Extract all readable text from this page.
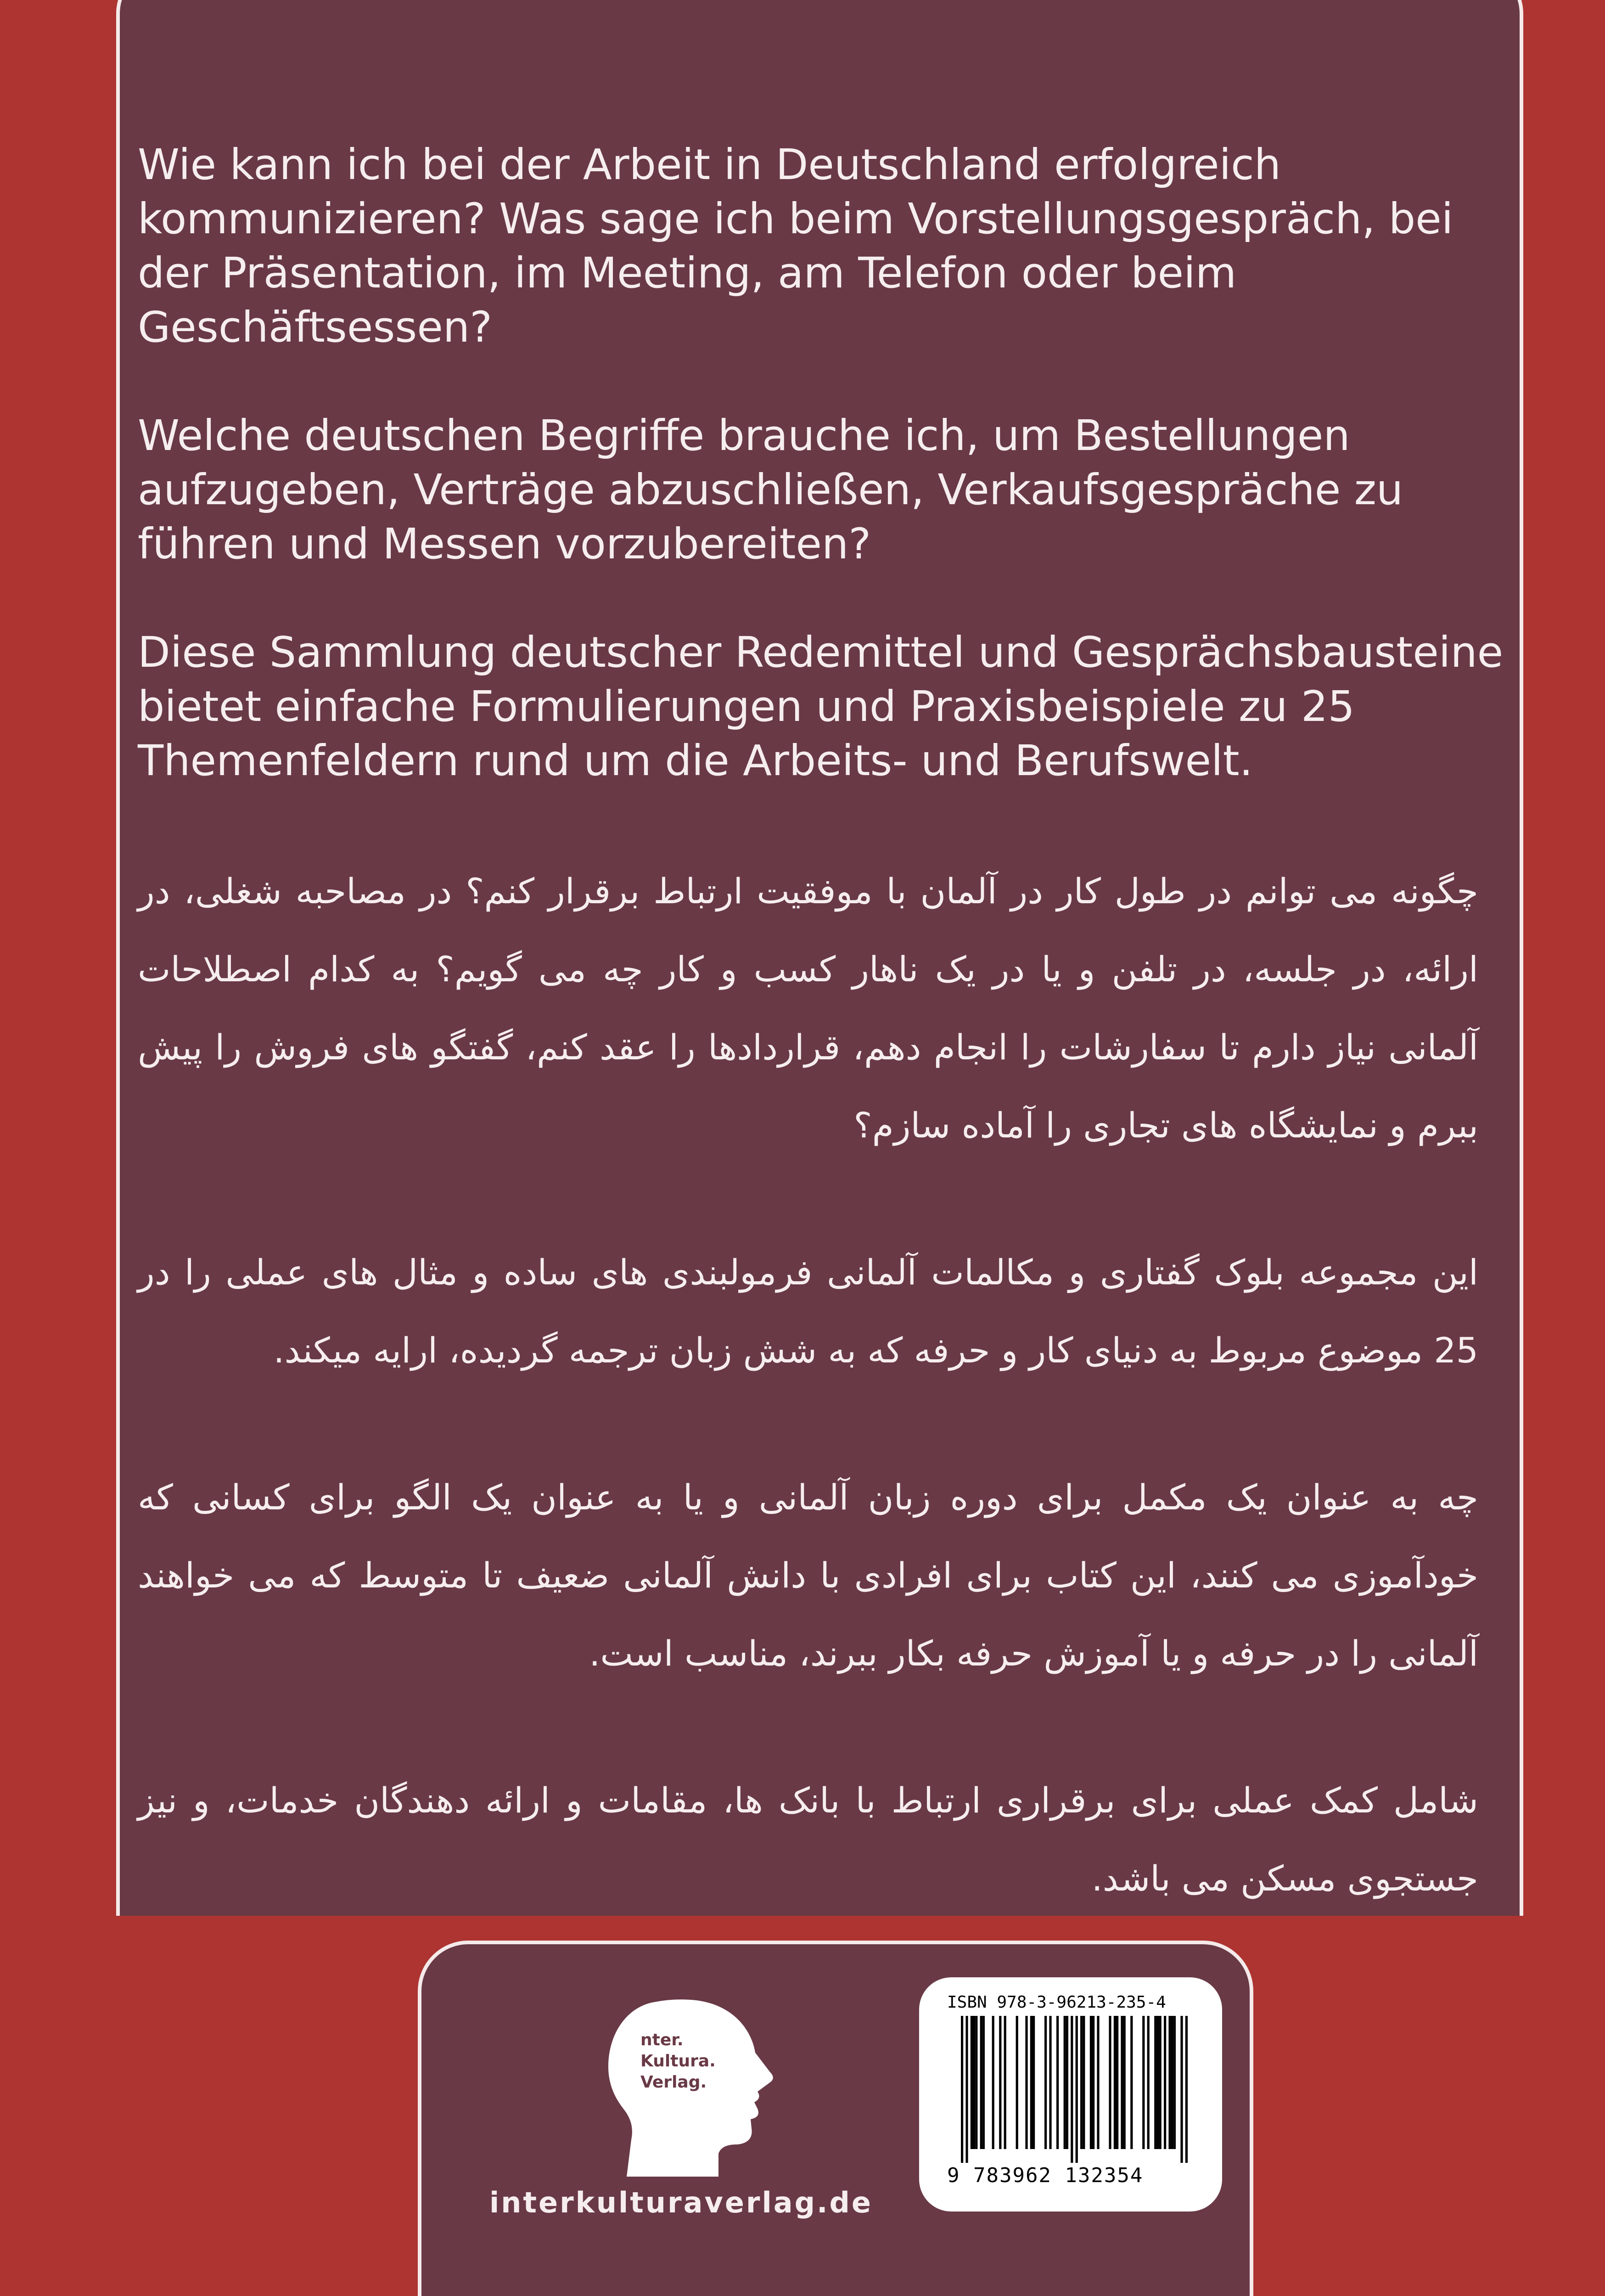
Wie kann ich bei der Arbeit in Deutschland erfolgreich kommunizieren? Was sage ich beim Vorstellungsgespräch, bei der Präsentation, im Meeting, am Telefon oder beim Geschäftsessen?

Welche deutschen Begriffe brauche ich, um Bestellungen aufzugeben, Verträge abzuschließen, Verkaufsgespräche zu führen und Messen vorzubereiten?

Diese Sammlung deutscher Redemittel und Gesprächsbausteine bietet einfache Formulierungen und Praxisbeispiele zu 25 Themenfeldern rund um die Arbeits- und Berufswelt.

چگونه می توانم در طول کار در آلمان با موفقیت ارتباط برقرار کنم؟ در مصاحبه شغلی، در ارائه، در جلسه، در تلفن و یا در یک ناهار کسب و کار چه می گویم؟ به کدام اصطلاحات آلمانی نیاز دارم تا سفارشات را انجام دهم، قراردادها را عقد کنم، گفتگو های فروش را پیش ببرم و نمایشگاه های تجاری را آماده سازم؟

این مجموعه بلوک گفتاری و مکالمات آلمانی فرمولبندی های ساده و مثال های عملی را در 25 موضوع مربوط به دنیای کار و حرفه که به شش زبان ترجمه گردیده، ارایه میکند.

چه به عنوان یک مکمل برای دوره زبان آلمانی و یا به عنوان یک الگو برای کسانی که خودآموزی می کنند، این کتاب برای افرادی با دانش آلمانی ضعیف تا متوسط که می خواهند آلمانی را در حرفه و یا آموزش حرفه بکار ببرند، مناسب است.

شامل کمک عملی برای برقراری ارتباط با بانک ها، مقامات و ارائه دهندگان خدمات، و نیز جستجوی مسکن می باشد.

nter.
Kultura.
Verlag.
interkulturaverlag.de
ISBN 978-3-96213-235-4
9 783962 132354
